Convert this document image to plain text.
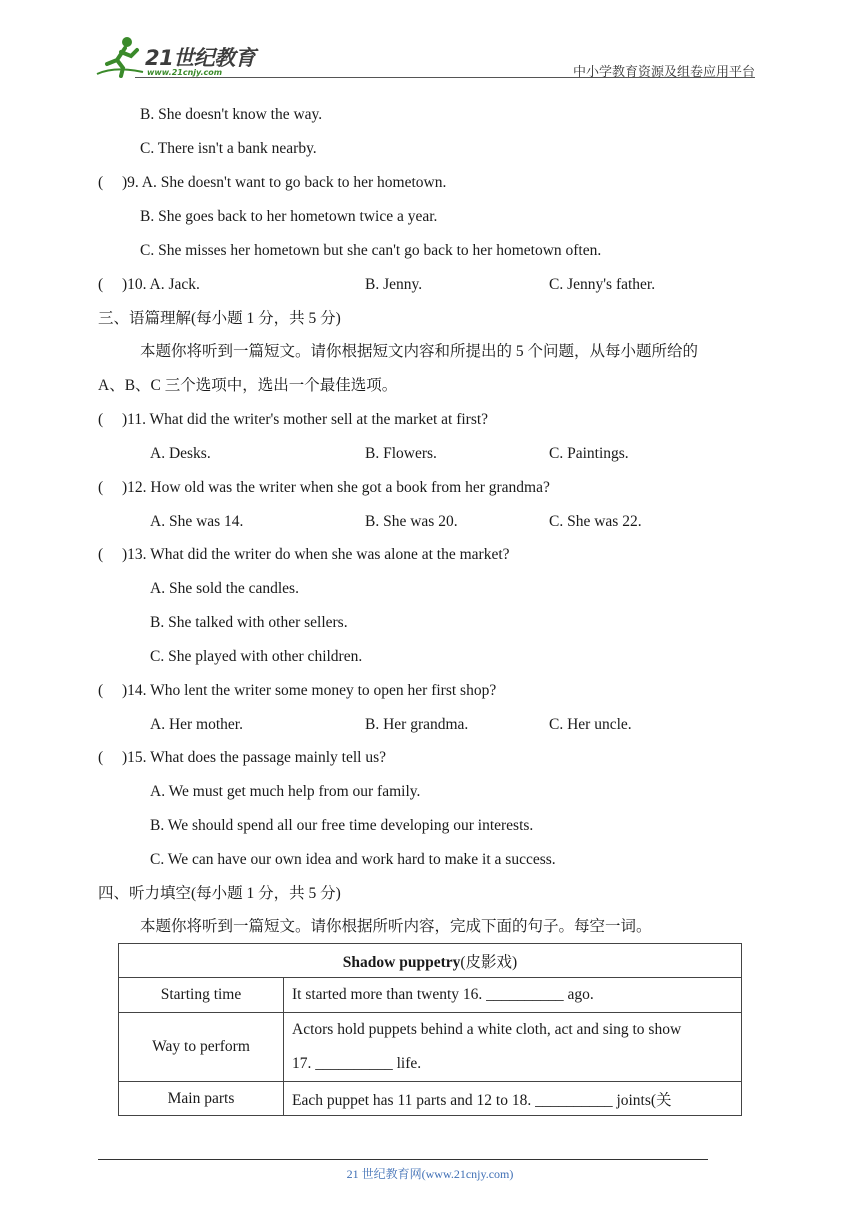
21世纪教育
www.21cnjy.com	中小学教育资源及组卷应用平台
B. She doesn't know the way.
C. There isn't a bank nearby.
( )9. A. She doesn't want to go back to her hometown.
B. She goes back to her hometown twice a year.
C. She misses her hometown but she can't go back to her hometown often.
( )10. A. Jack.	B. Jenny.	C. Jenny's father.
三、语篇理解(每小题 1 分，共 5 分)
本题你将听到一篇短文。请你根据短文内容和所提出的 5 个问题，从每小题所给的
A、B、C 三个选项中，选出一个最佳选项。
( )11. What did the writer's mother sell at the market at first?
A. Desks.	B. Flowers.	C. Paintings.
( )12. How old was the writer when she got a book from her grandma?
A. She was 14.	B. She was 20.	C. She was 22.
( )13. What did the writer do when she was alone at the market?
A. She sold the candles.
B. She talked with other sellers.
C. She played with other children.
( )14. Who lent the writer some money to open her first shop?
A. Her mother.	B. Her grandma.	C. Her uncle.
( )15. What does the passage mainly tell us?
A. We must get much help from our family.
B. We should spend all our free time developing our interests.
C. We can have our own idea and work hard to make it a success.
四、听力填空(每小题 1 分，共 5 分)
本题你将听到一篇短文。请你根据所听内容，完成下面的句子。每空一词。
Shadow puppetry(皮影戏)	
Starting time	It started more than twenty 16. __________ ago.
Way to perform	Actors hold puppets behind a white cloth, act and sing to show
17. __________ life.

Main parts	Each puppet has 11 parts and 12 to 18. __________ joints(关
21 世纪教育网(www.21cnjy.com)
